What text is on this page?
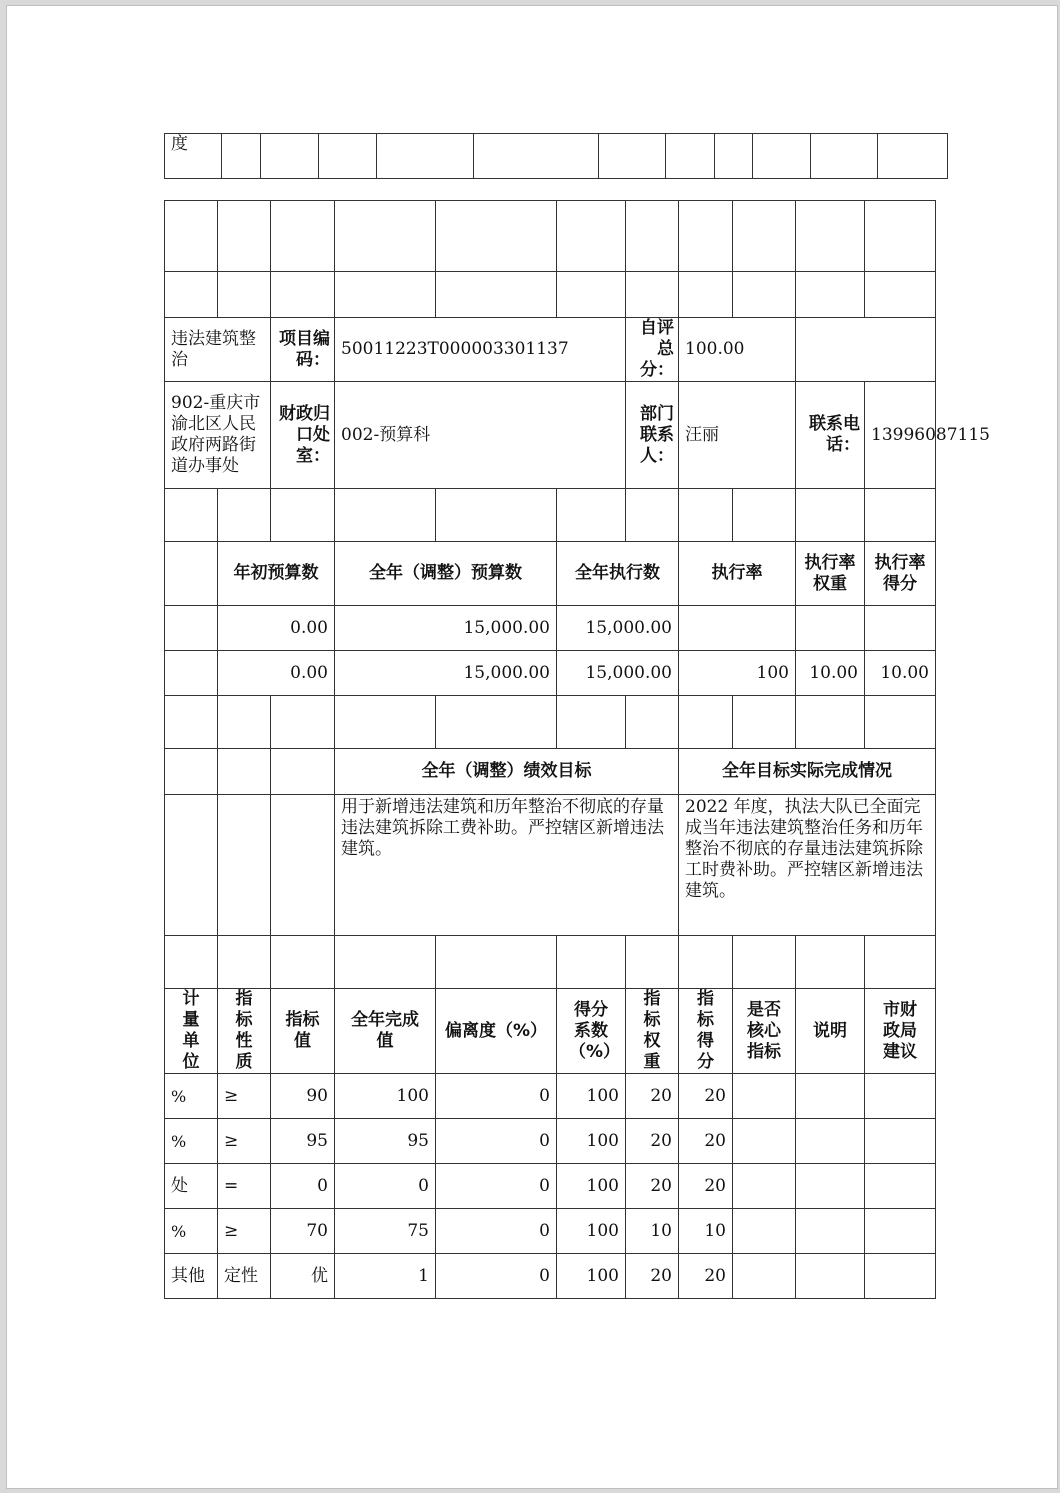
度											

违法建筑整治		项目编码：	50011223T000003301137			自评总分：	100.00			
902-重庆市渝北区人民政府两路街道办事处		财政归口处室：	002-预算科			部门联系人：	汪丽		联系电话：	13996087115

	年初预算数		全年（调整）预算数		全年执行数		执行率		执行率权重	执行率得分
	0.00		15,000.00		15,000.00					
	0.00		15,000.00		15,000.00		100		10.00	10.00

			全年（调整）绩效目标				全年目标实际完成情况			
			用于新增违法建筑和历年整治不彻底的存量违法建筑拆除工费补助。严控辖区新增违法建筑。				2022 年度，执法大队已全面完成当年违法建筑整治任务和历年整治不彻底的存量违法建筑拆除工时费补助。严控辖区新增违法建筑。			

计量单位	指标性质	指标值	全年完成值	偏离度（%）	得分系数（%）	指标权重	指标得分	是否核心指标	说明	市财政局建议
%	≥	90	100	0	100	20	20			
%	≥	95	95	0	100	20	20			
处	=	0	0	0	100	20	20			
%	≥	70	75	0	100	10	10			
其他	定性	优	1	0	100	20	20			
